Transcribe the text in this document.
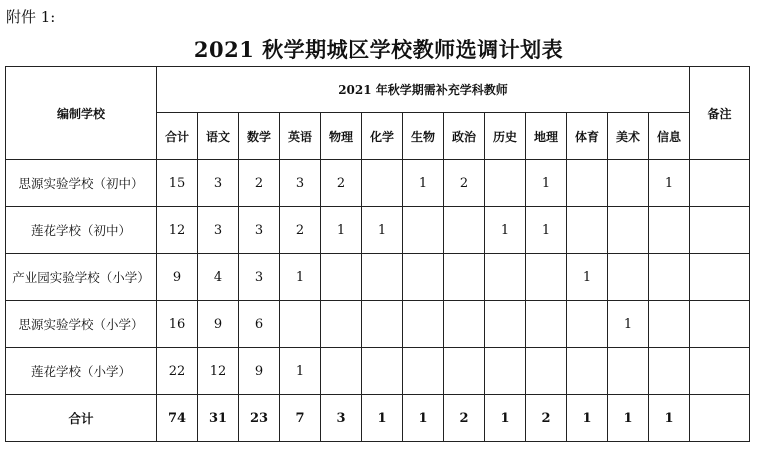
附件 1:
2021 秋学期城区学校教师选调计划表
编制学校	2021 年秋学期需补充学科教师													备注
	合计	语文	数学	英语	物理	化学	生物	政治	历史	地理	体育	美术	信息	
思源实验学校（初中）	15	3	2	3	2		1	2		1			1	
莲花学校（初中）	12	3	3	2	1	1			1	1				
产业园实验学校（小学）	9	4	3	1							1			
思源实验学校（小学）	16	9	6									1		
莲花学校（小学）	22	12	9	1										
合计	74	31	23	7	3	1	1	2	1	2	1	1	1	
